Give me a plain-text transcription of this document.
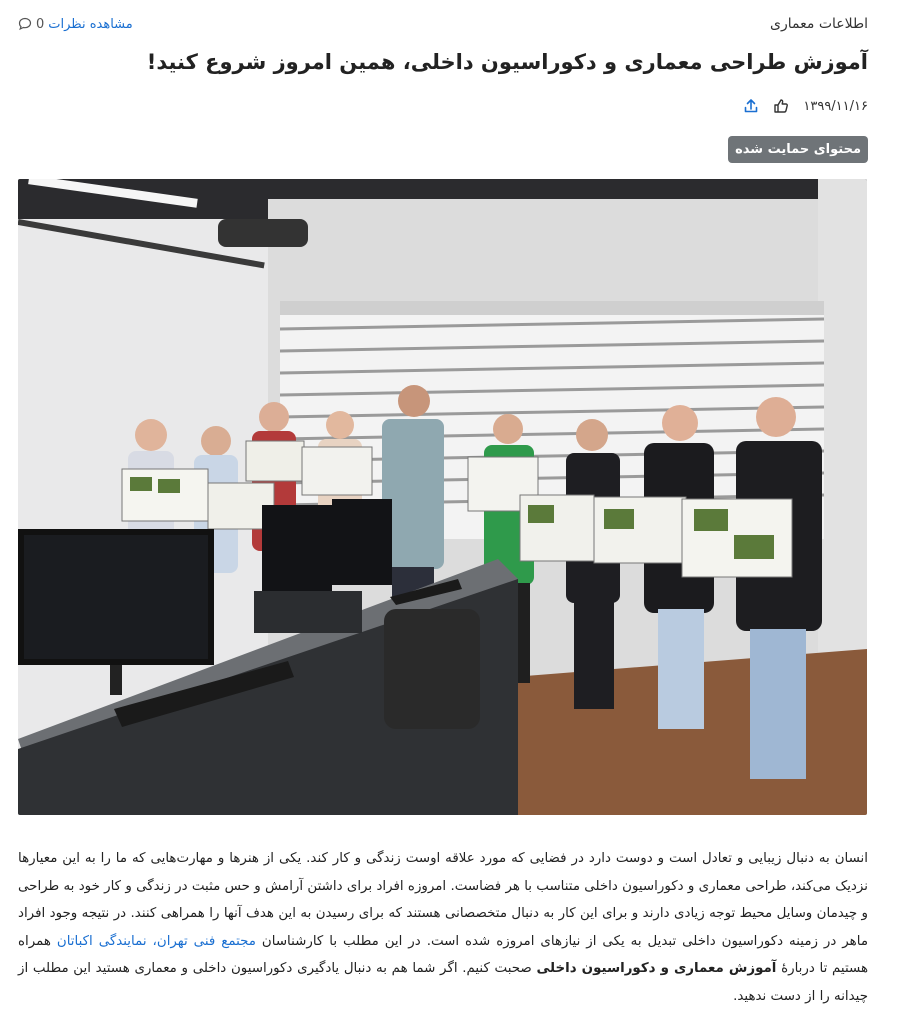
اطلاعات معماری
مشاهده نظرات
0
آموزش طراحی معماری و دکوراسیون داخلی، همین امروز شروع کنید!
۱۳۹۹/۱۱/۱۶
محتوای حمایت شده

انسان به دنبال زیبایی و تعادل است و دوست دارد در فضایی که مورد علاقه اوست زندگی و کار کند. یکی از هنرها و مهارت‌هایی که ما را به این معیارها نزدیک می‌کند، طراحی معماری و دکوراسیون داخلی متناسب با هر فضاست. امروزه افراد برای داشتن آرامش و حس مثبت در زندگی و کار خود به طراحی و چیدمان وسایل محیط توجه زیادی دارند و برای این کار به دنبال متخصصانی هستند که برای رسیدن به این هدف آنها را همراهی کنند. در نتیجه وجود افراد ماهر در زمینه دکوراسیون داخلی تبدیل به یکی از نیازهای امروزه شده است. در این مطلب با کارشناسان مجتمع فنی تهران، نمایندگی اکباتان همراه هستیم تا دربارهٔ آموزش معماری و دکوراسیون داخلی صحبت کنیم. اگر شما هم به دنبال یادگیری دکوراسیون داخلی و معماری هستید این مطلب از چیدانه را از دست ندهید.
